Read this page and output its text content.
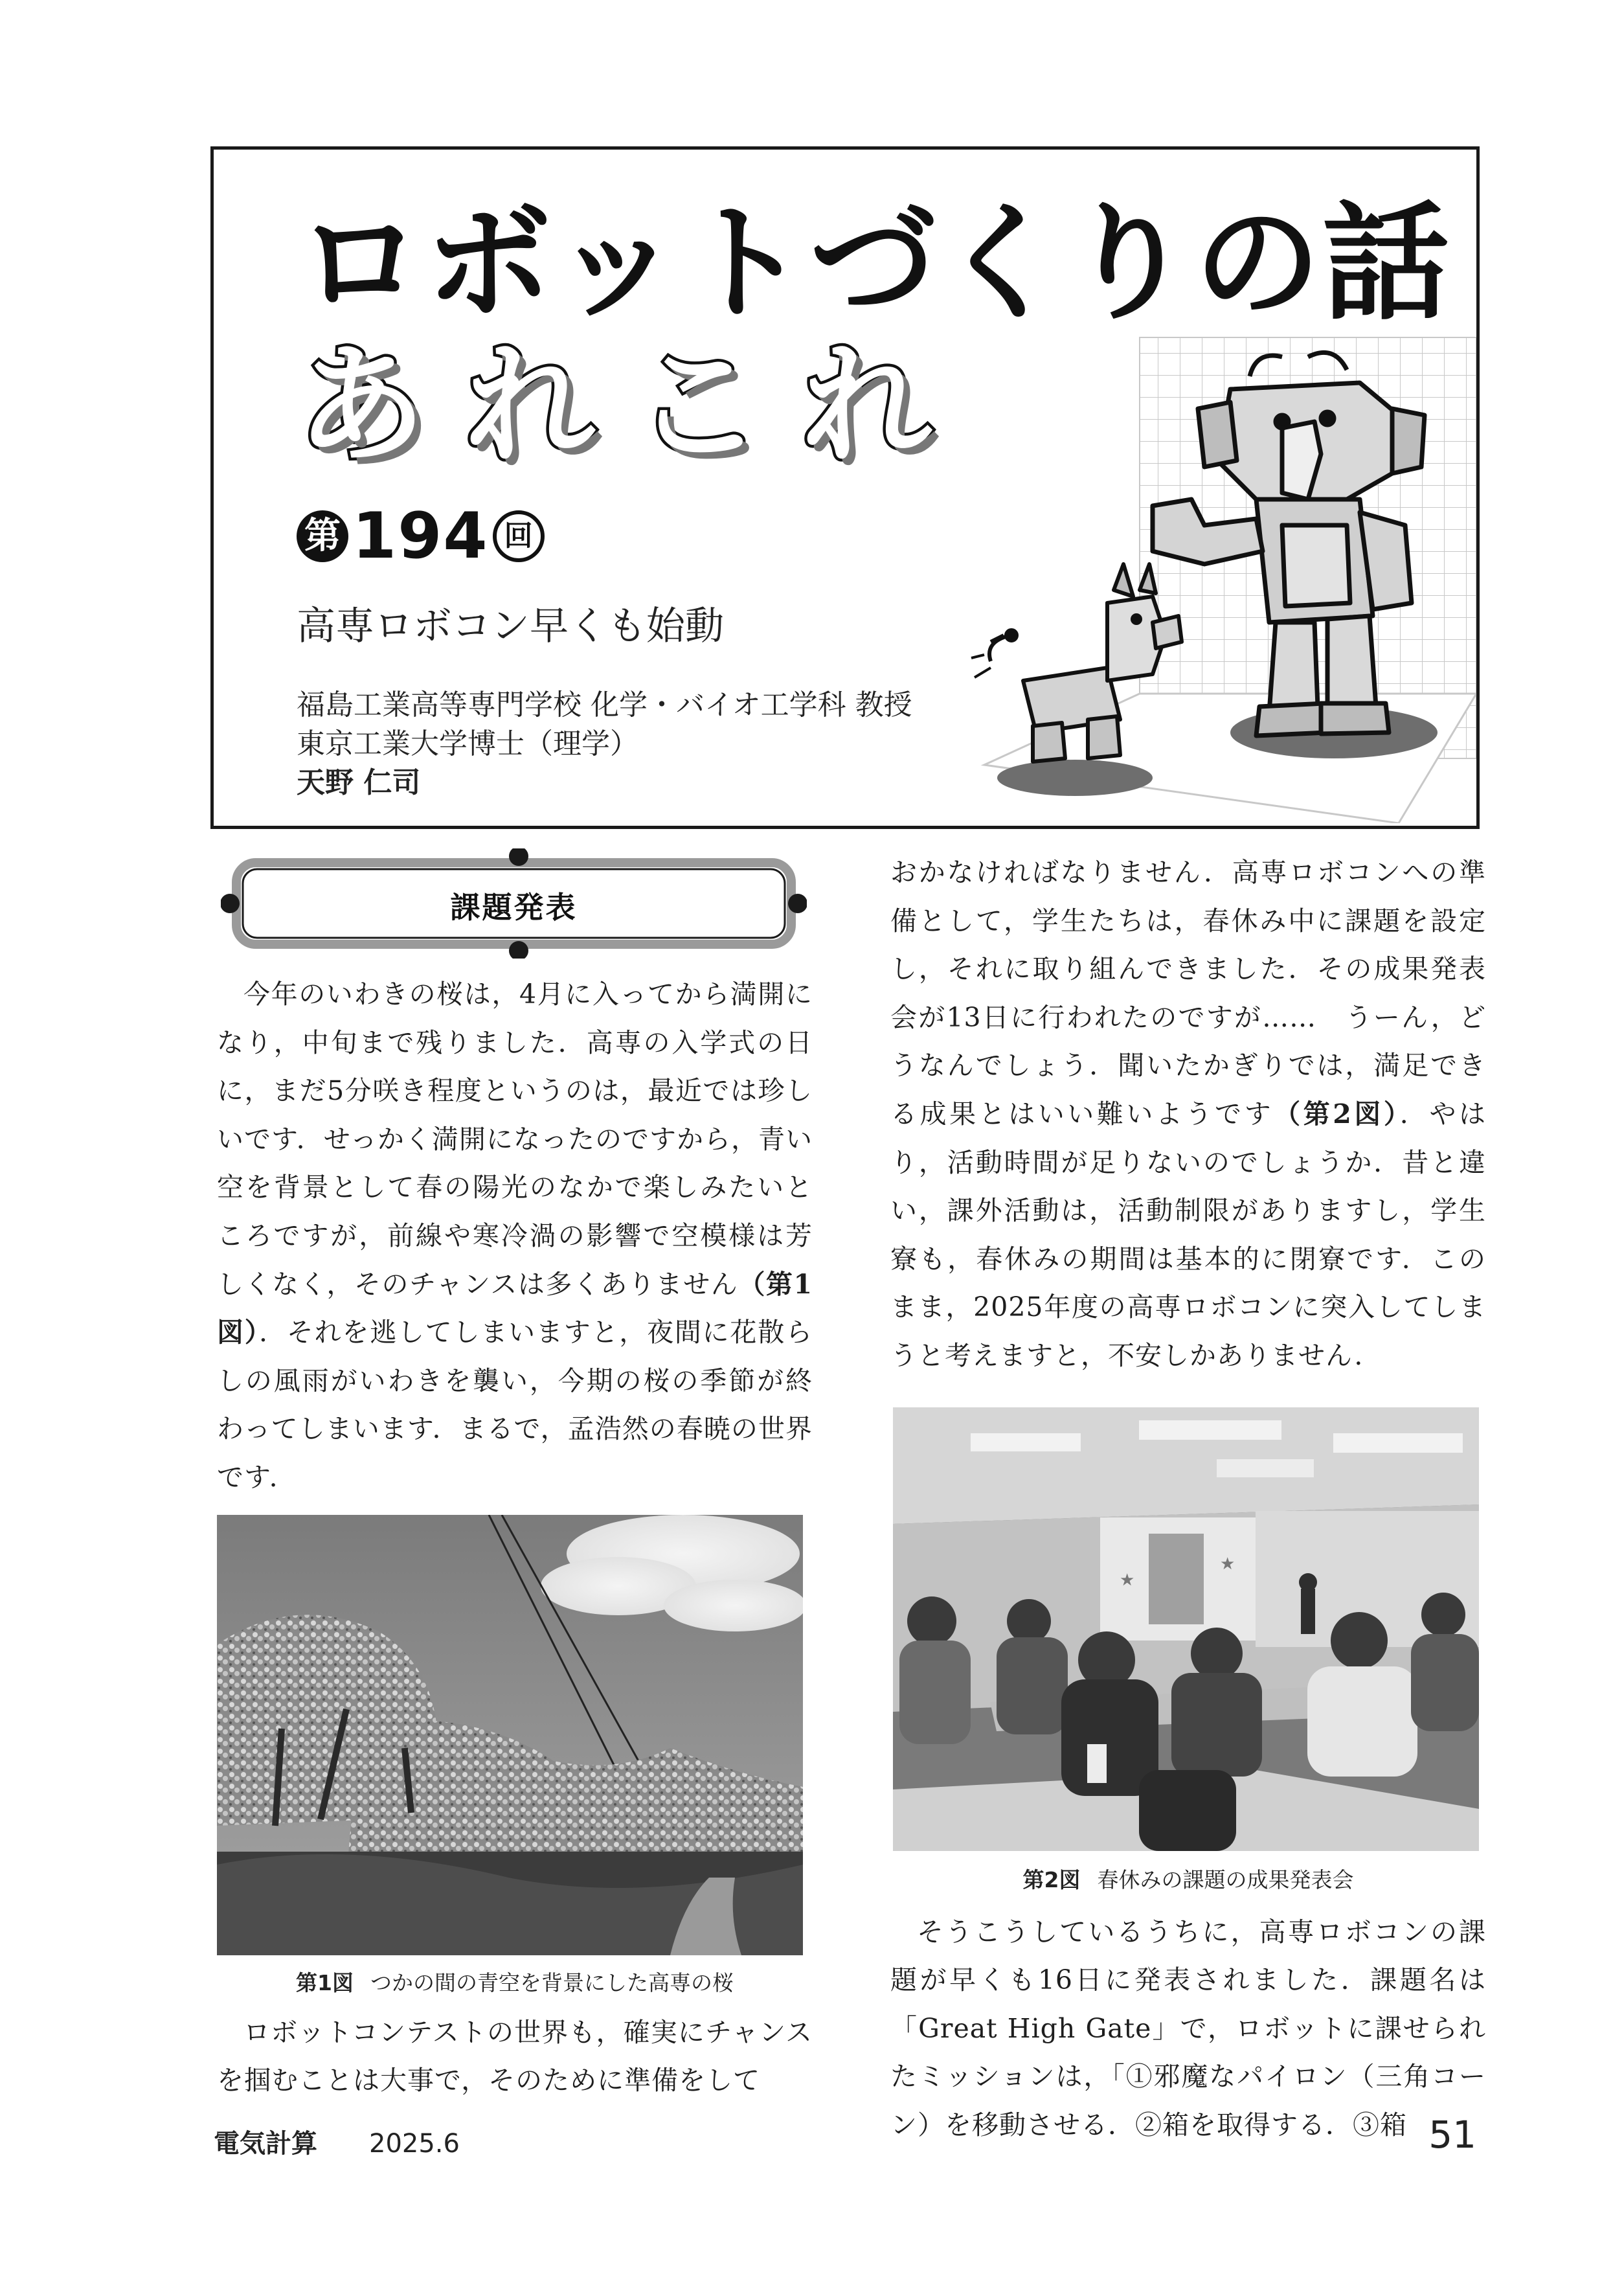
ロボットづくりの話
あれこれ
第 194 回
高専ロボコン早くも始動
福島工業高等専門学校 化学・バイオ工学科 教授
東京工業大学博士（理学）
天野 仁司
課題発表

今年のいわきの桜は，4月に入ってから満開になり，中旬まで残りました．高専の入学式の日に，まだ5分咲き程度というのは，最近では珍しいです．せっかく満開になったのですから，青い空を背景として春の陽光のなかで楽しみたいところですが，前線や寒冷渦の影響で空模様は芳しくなく，そのチャンスは多くありません（第1図）．それを逃してしまいますと，夜間に花散らしの風雨がいわきを襲い，今期の桜の季節が終わってしまいます．まるで，孟浩然の春暁の世界です．

第1図 つかの間の青空を背景にした高専の桜

ロボットコンテストの世界も，確実にチャンスを掴むことは大事で，そのために準備をして

おかなければなりません．高専ロボコンへの準備として，学生たちは，春休み中に課題を設定し，それに取り組んできました．その成果発表会が13日に行われたのですが……　うーん，どうなんでしょう．聞いたかぎりでは，満足できる成果とはいい難いようです（第2図）．やはり，活動時間が足りないのでしょうか．昔と違い，課外活動は，活動制限がありますし，学生寮も，春休みの期間は基本的に閉寮です．このまま，2025年度の高専ロボコンに突入してしまうと考えますと，不安しかありません．

★
★
第2図 春休みの課題の成果発表会

そうこうしているうちに，高専ロボコンの課題が早くも16日に発表されました．課題名は「Great High Gate」で，ロボットに課せられたミッションは，「①邪魔なパイロン（三角コーン）を移動させる．②箱を取得する．③箱

電気計算 2025.6	51
